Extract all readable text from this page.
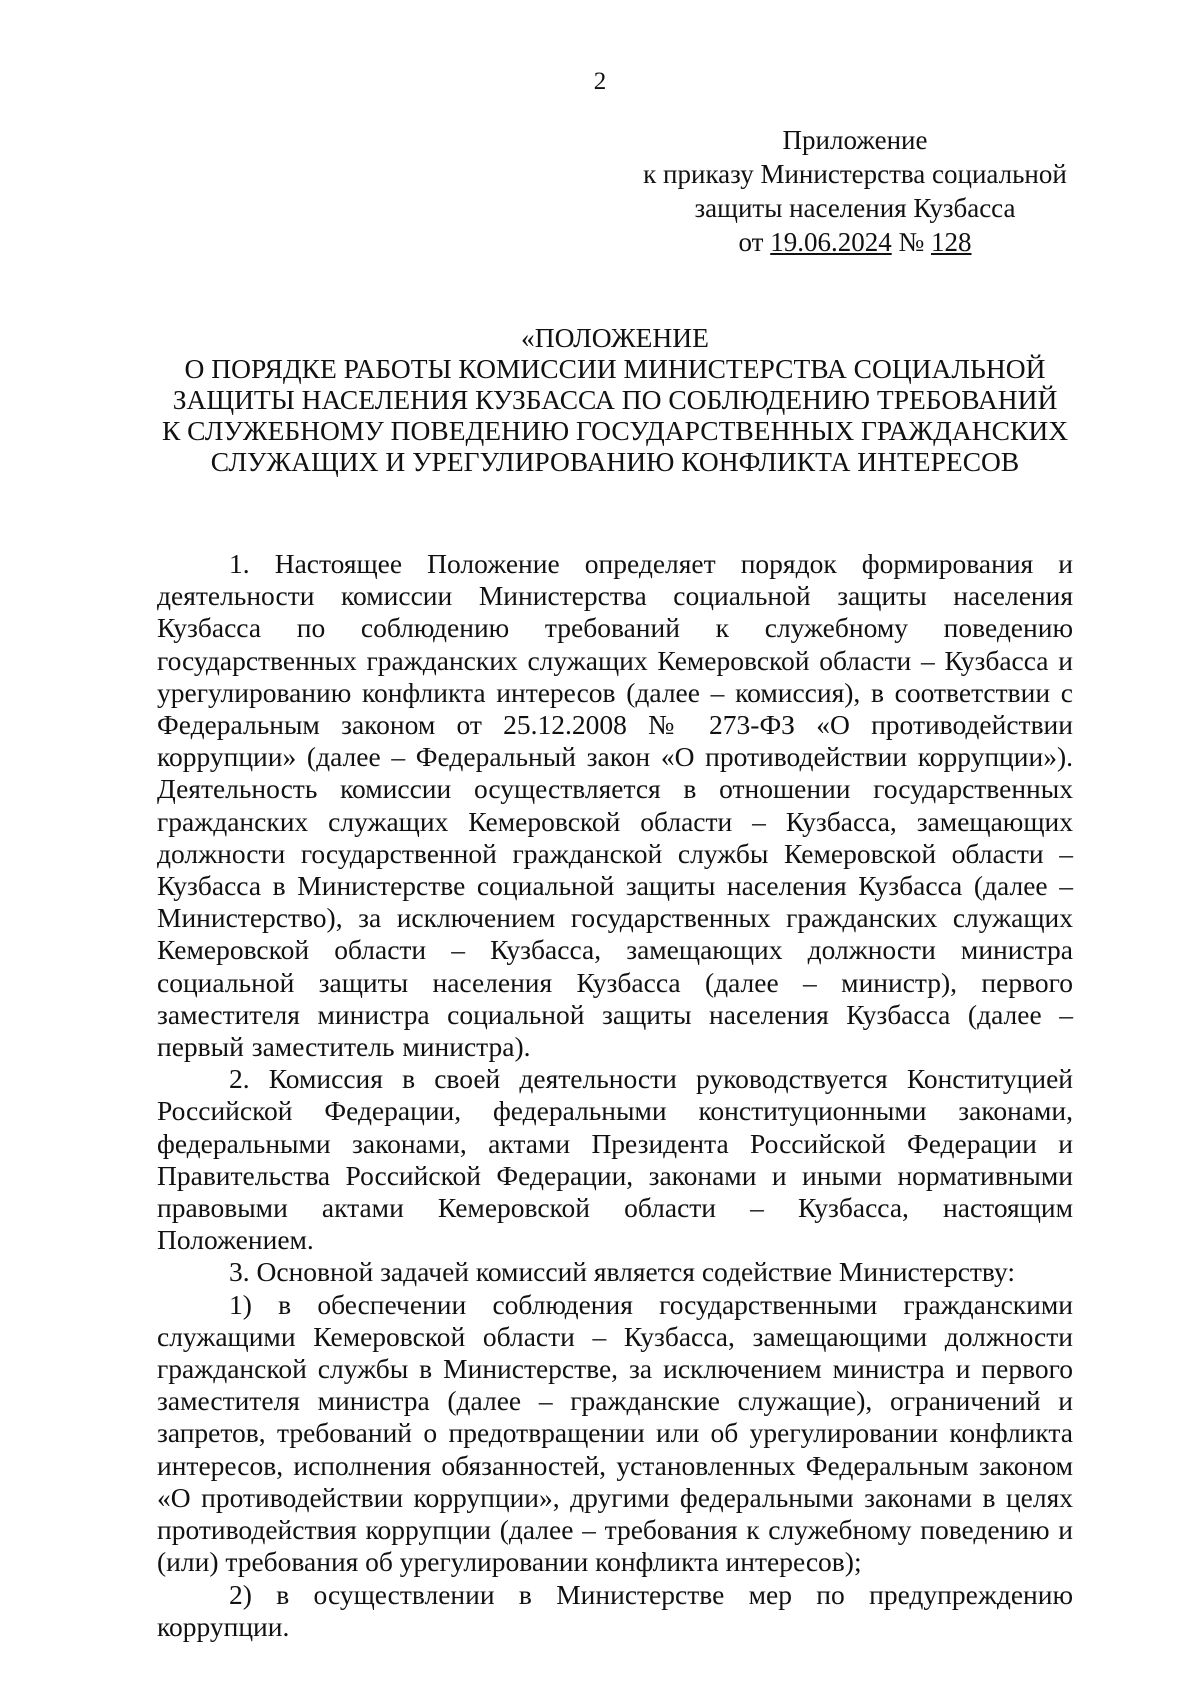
2
Приложение
к приказу Министерства социальной
защиты населения Кузбасса
от 19.06.2024 № 128
«ПОЛОЖЕНИЕ
О ПОРЯДКЕ РАБОТЫ КОМИССИИ МИНИСТЕРСТВА СОЦИАЛЬНОЙ
ЗАЩИТЫ НАСЕЛЕНИЯ КУЗБАССА ПО СОБЛЮДЕНИЮ ТРЕБОВАНИЙ
К СЛУЖЕБНОМУ ПОВЕДЕНИЮ ГОСУДАРСТВЕННЫХ ГРАЖДАНСКИХ
СЛУЖАЩИХ И УРЕГУЛИРОВАНИЮ КОНФЛИКТА ИНТЕРЕСОВ

1. Настоящее Положение определяет порядок формирования и деятельности комиссии Министерства социальной защиты населения Кузбасса по соблюдению требований к служебному поведению государственных гражданских служащих Кемеровской области – Кузбасса и урегулированию конфликта интересов (далее – комиссия), в соответствии с Федеральным законом от 25.12.2008 № 273-ФЗ «О противодействии коррупции» (далее – Федеральный закон «О противодействии коррупции»). Деятельность комиссии осуществляется в отношении государственных гражданских служащих Кемеровской области – Кузбасса, замещающих должности государственной гражданской службы Кемеровской области – Кузбасса в Министерстве социальной защиты населения Кузбасса (далее – Министерство), за исключением государственных гражданских служащих Кемеровской области – Кузбасса, замещающих должности министра социальной защиты населения Кузбасса (далее – министр), первого заместителя министра социальной защиты населения Кузбасса (далее – первый заместитель министра).

2. Комиссия в своей деятельности руководствуется Конституцией Российской Федерации, федеральными конституционными законами, федеральными законами, актами Президента Российской Федерации и Правительства Российской Федерации, законами и иными нормативными правовыми актами Кемеровской области – Кузбасса, настоящим Положением.

3. Основной задачей комиссий является содействие Министерству:

1) в обеспечении соблюдения государственными гражданскими служащими Кемеровской области – Кузбасса, замещающими должности гражданской службы в Министерстве, за исключением министра и первого заместителя министра (далее – гражданские служащие), ограничений и запретов, требований о предотвращении или об урегулировании конфликта интересов, исполнения обязанностей, установленных Федеральным законом «О противодействии коррупции», другими федеральными законами в целях противодействия коррупции (далее – требования к служебному поведению и (или) требования об урегулировании конфликта интересов);

2) в осуществлении в Министерстве мер по предупреждению коррупции.
